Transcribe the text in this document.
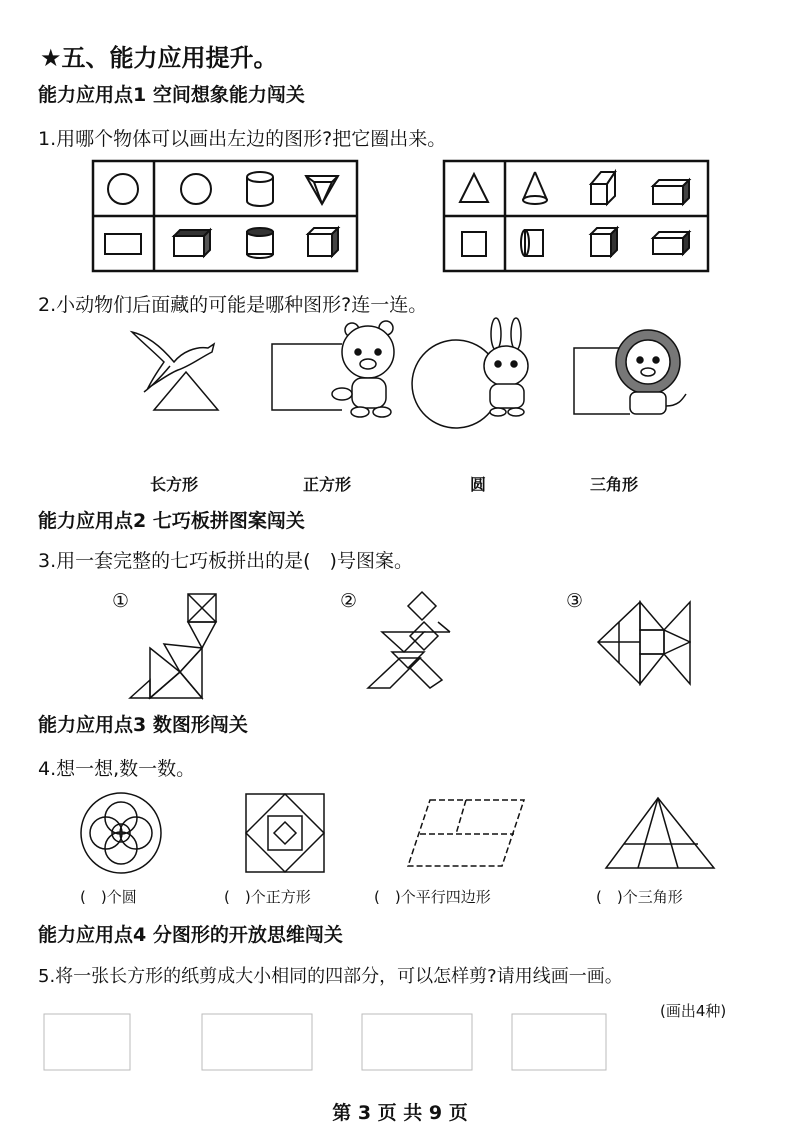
★五、能力应用提升。
能力应用点1 空间想象能力闯关
1.用哪个物体可以画出左边的图形?把它圈出来。
2.小动物们后面藏的可能是哪种图形?连一连。
长方形	正方形	圆	三角形
能力应用点2 七巧板拼图案闯关
3.用一套完整的七巧板拼出的是(　)号图案。
①	②	③
能力应用点3 数图形闯关
4.想一想,数一数。
(　)个圆	(　)个正方形	(　)个平行四边形	(　)个三角形
能力应用点4 分图形的开放思维闯关
5.将一张长方形的纸剪成大小相同的四部分，可以怎样剪?请用线画一画。
(画出4种)
第 3 页 共 9 页
